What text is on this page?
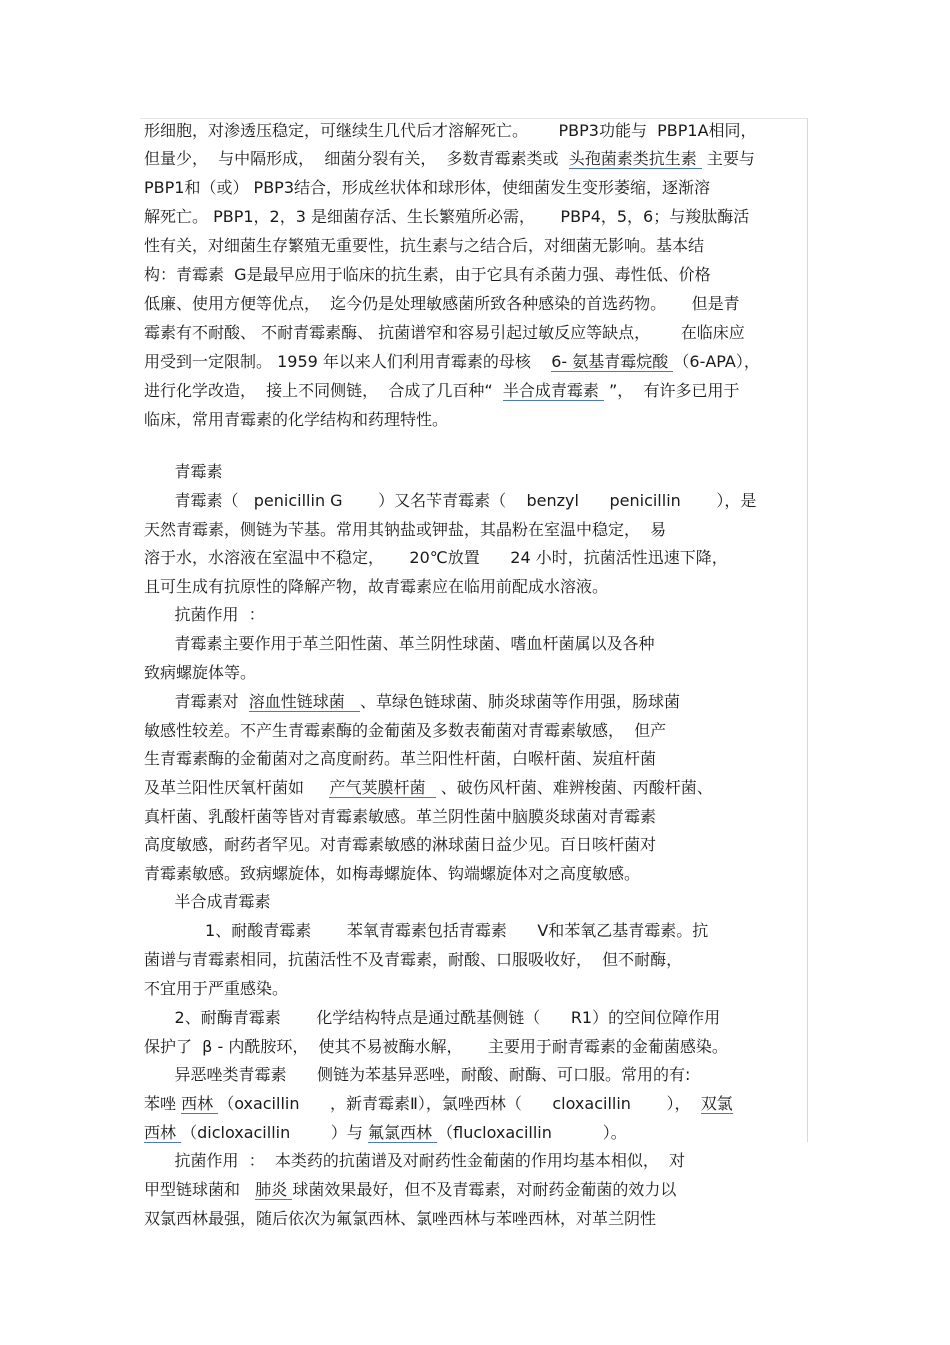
形细胞，对渗透压稳定，可继续生几代后才溶解死亡。      PBP3功能与  PBP1A相同，
但量少，  与中隔形成，  细菌分裂有关，  多数青霉素类或  头孢菌素类抗生素  主要与
PBP1和（或） PBP3结合，形成丝状体和球形体，使细菌发生变形萎缩，逐渐溶
解死亡。 PBP1，2，3 是细菌存活、生长繁殖所必需，     PBP4，5，6；与羧肽酶活
性有关，对细菌生存繁殖无重要性，抗生素与之结合后，对细菌无影响。基本结
构：青霉素  G是最早应用于临床的抗生素，由于它具有杀菌力强、毒性低、价格
低廉、使用方便等优点，  迄今仍是处理敏感菌所致各种感染的首选药物。     但是青
霉素有不耐酸、 不耐青霉素酶、 抗菌谱窄和容易引起过敏反应等缺点，      在临床应
用受到一定限制。 1959 年以来人们利用青霉素的母核    6- 氨基青霉烷酸 （6-APA），
进行化学改造，  接上不同侧链，  合成了几百种“  半合成青霉素  ”，  有许多已用于
临床，常用青霉素的化学结构和药理特性。
青霉素
青霉素（   penicillin G       ）又名苄青霉素（    benzyl      penicillin       ），是
天然青霉素，侧链为苄基。常用其钠盐或钾盐，其晶粉在室温中稳定，  易
溶于水，水溶液在室温中不稳定，     20℃放置      24 小时，抗菌活性迅速下降，
且可生成有抗原性的降解产物，故青霉素应在临用前配成水溶液。
抗菌作用  ：
青霉素主要作用于革兰阳性菌、革兰阴性球菌、嗜血杆菌属以及各种
致病螺旋体等。
青霉素对  溶血性链球菌   、草绿色链球菌、肺炎球菌等作用强，肠球菌
敏感性较差。不产生青霉素酶的金葡菌及多数表葡菌对青霉素敏感，  但产
生青霉素酶的金葡菌对之高度耐药。革兰阳性杆菌，白喉杆菌、炭疽杆菌
及革兰阳性厌氧杆菌如     产气荚膜杆菌   、破伤风杆菌、难辨梭菌、丙酸杆菌、
真杆菌、乳酸杆菌等皆对青霉素敏感。革兰阴性菌中脑膜炎球菌对青霉素
高度敏感，耐药者罕见。对青霉素敏感的淋球菌日益少见。百日咳杆菌对
青霉素敏感。致病螺旋体，如梅毒螺旋体、钩端螺旋体对之高度敏感。
半合成青霉素
1、耐酸青霉素       苯氧青霉素包括青霉素      V和苯氧乙基青霉素。抗
菌谱与青霉素相同，抗菌活性不及青霉素，耐酸、口服吸收好，  但不耐酶，
不宜用于严重感染。
2、耐酶青霉素       化学结构特点是通过酰基侧链（      R1）的空间位障作用
保护了  β - 内酰胺环，  使其不易被酶水解，     主要用于耐青霉素的金葡菌感染。
异恶唑类青霉素      侧链为苯基异恶唑，耐酸、耐酶、可口服。常用的有:
苯唑 西林 （oxacillin      ，新青霉素Ⅱ），氯唑西林（      cloxacillin       ），  双氯
西林 （dicloxacillin        ）与 氟氯西林 （flucloxacillin          ）。
抗菌作用  ：  本类药的抗菌谱及对耐药性金葡菌的作用均基本相似，  对
甲型链球菌和   肺炎 球菌效果最好，但不及青霉素，对耐药金葡菌的效力以
双氯西林最强，随后依次为氟氯西林、氯唑西林与苯唑西林，对革兰阴性
